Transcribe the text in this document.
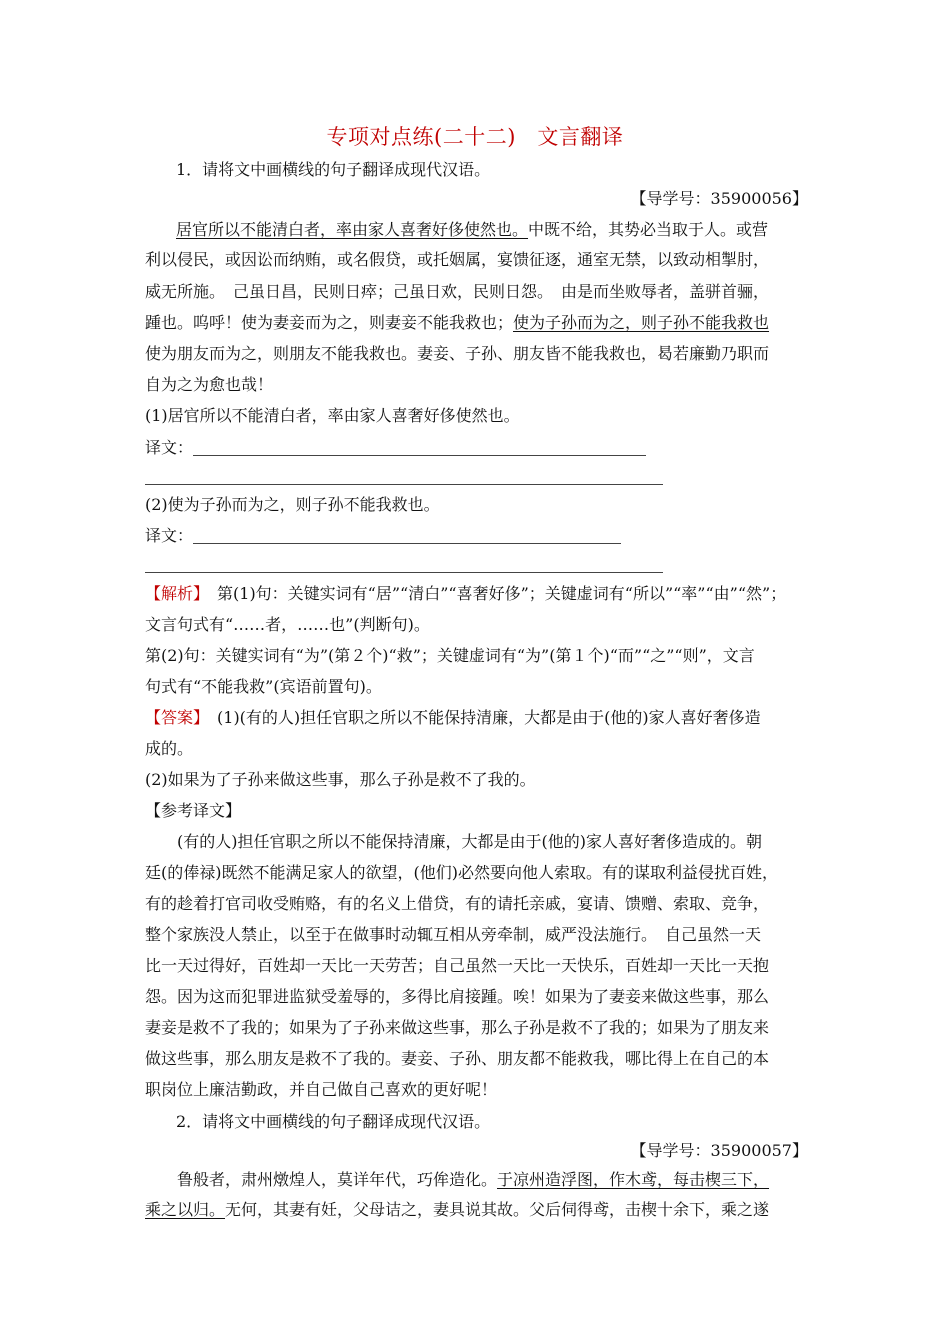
专项对点练(二十二)　文言翻译
1．请将文中画横线的句子翻译成现代汉语。
【导学号：35900056】
居官所以不能清白者，率由家人喜奢好侈使然也。中既不给，其势必当取于人。或营
利以侵民，或因讼而纳贿，或名假贷，或托姻属，宴馈征逐，通室无禁，以致动相掣肘，
威无所施。　己虽日昌，民则日瘁；己虽日欢，民则日怨。　由是而坐败辱者，盖骈首骊，
踵也。呜呼！使为妻妾而为之，则妻妾不能我救也；使为子孙而为之，则子孙不能我救也
使为朋友而为之，则朋友不能我救也。妻妾、子孙、朋友皆不能我救也，曷若廉勤乃职而
自为之为愈也哉！
(1)居官所以不能清白者，率由家人喜奢好侈使然也。
译文：
(2)使为子孙而为之，则子孙不能我救也。
译文：
【解析】　第(1)句：关键实词有“居”“清白”“喜奢好侈”；关键虚词有“所以”“率”“由”“然”；
文言句式有“……者，……也”(判断句)。
第(2)句：关键实词有“为”(第２个)“救”；关键虚词有“为”(第１个)“而”“之”“则”，文言
句式有“不能我救”(宾语前置句)。
【答案】　(1)(有的人)担任官职之所以不能保持清廉，大都是由于(他的)家人喜好奢侈造
成的。
(2)如果为了子孙来做这些事，那么子孙是救不了我的。
【参考译文】
　　(有的人)担任官职之所以不能保持清廉，大都是由于(他的)家人喜好奢侈造成的。朝
廷(的俸禄)既然不能满足家人的欲望，(他们)必然要向他人索取。有的谋取利益侵扰百姓，
有的趁着打官司收受贿赂，有的名义上借贷，有的请托亲戚，宴请、馈赠、索取、竞争，
整个家族没人禁止，以至于在做事时动辄互相从旁牵制，威严没法施行。　自己虽然一天
比一天过得好，百姓却一天比一天劳苦；自己虽然一天比一天快乐，百姓却一天比一天抱
怨。因为这而犯罪进监狱受羞辱的，多得比肩接踵。唉！如果为了妻妾来做这些事，那么
妻妾是救不了我的；如果为了子孙来做这些事，那么子孙是救不了我的；如果为了朋友来
做这些事，那么朋友是救不了我的。妻妾、子孙、朋友都不能救我，哪比得上在自己的本
职岗位上廉洁勤政，并自己做自己喜欢的更好呢！
2．请将文中画横线的句子翻译成现代汉语。
【导学号：35900057】
　　鲁般者，肃州燉煌人，莫详年代，巧侔造化。于凉州造浮图，作木鸢，每击楔三下，
乘之以归。无何，其妻有妊，父母诘之，妻具说其故。父后伺得鸢，击楔十余下，乘之遂
